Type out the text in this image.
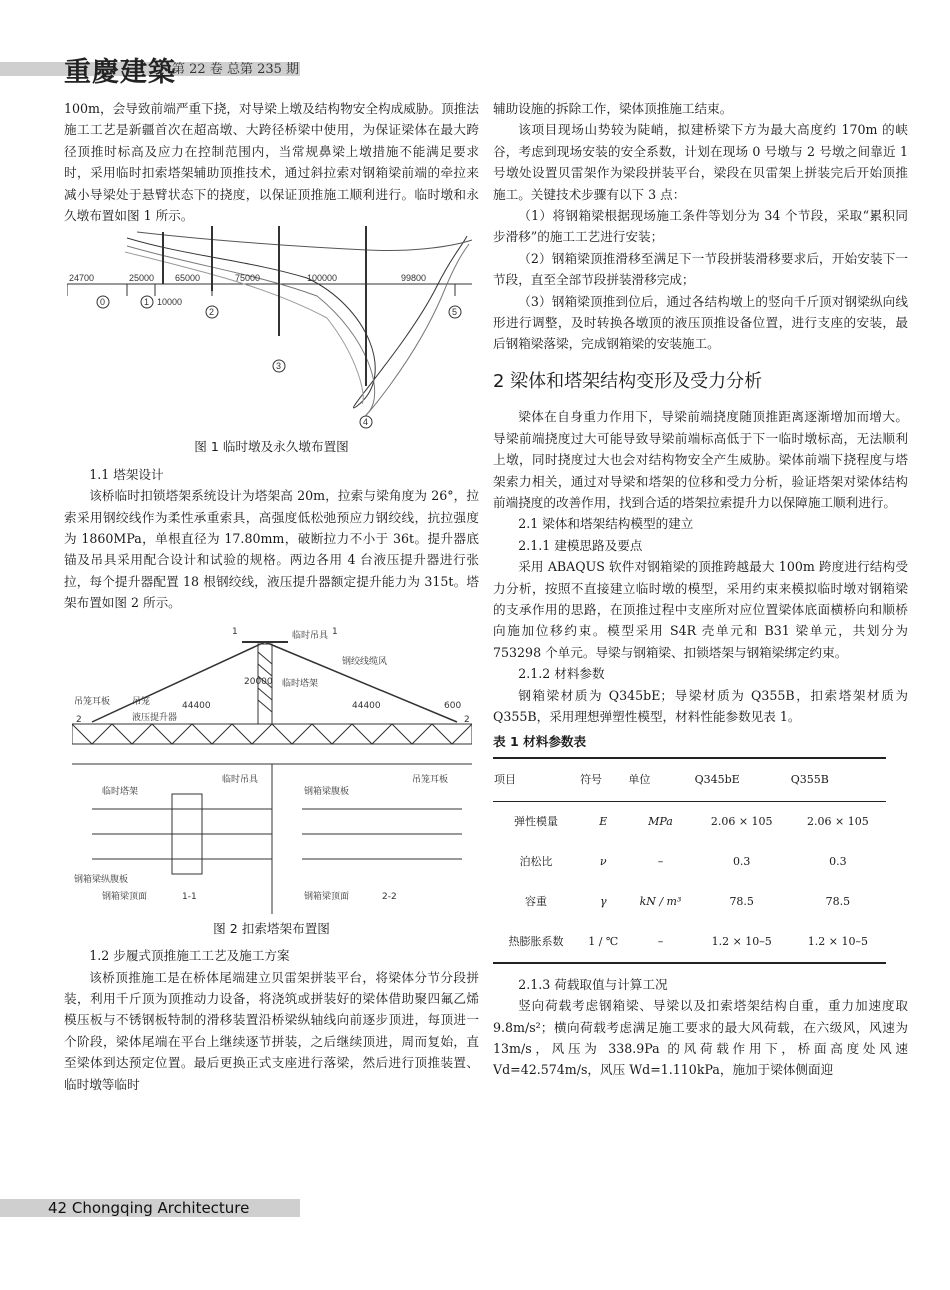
重慶建築
第 22 卷 总第 235 期

100m，会导致前端严重下挠，对导梁上墩及结构物安全构成威胁。顶推法施工工艺是新疆首次在超高墩、大跨径桥梁中使用，为保证梁体在最大跨径顶推时标高及应力在控制范围内，当常规鼻梁上墩措施不能满足要求时，采用临时扣索塔架辅助顶推技术，通过斜拉索对钢箱梁前端的牵拉来减小导梁处于悬臂状态下的挠度，以保证顶推施工顺利进行。临时墩和永久墩布置如图 1 所示。

24700	25000 65000	75000	100000	99800
10000
0	1
2
3
4
5
图 1 临时墩及永久墩布置图

1.1 塔架设计

该桥临时扣锁塔架系统设计为塔架高 20m，拉索与梁角度为 26°，拉索采用钢绞线作为柔性承重索具，高强度低松弛预应力钢绞线，抗拉强度为 1860MPa，单根直径为 17.80mm，破断拉力不小于 36t。提升器底锚及吊具采用配合设计和试验的规格。两边各用 4 台液压提升器进行张拉，每个提升器配置 18 根钢绞线，液压提升器额定提升能力为 315t。塔架布置如图 2 所示。

临时吊具
钢绞线缆风
临时塔架
吊笼
吊笼耳板
液压提升器
44400	44400
20000
600
1	1
2	2
临时吊具
临时塔架	钢箱梁腹板
吊笼耳板
钢箱梁纵腹板
钢箱梁顶面	钢箱梁顶面
1-1	2-2
图 2 扣索塔架布置图

1.2 步履式顶推施工工艺及施工方案

该桥顶推施工是在桥体尾端建立贝雷架拼装平台，将梁体分节分段拼装，利用千斤顶为顶推动力设备，将浇筑或拼装好的梁体借助聚四氟乙烯模压板与不锈钢板特制的滑移装置沿桥梁纵轴线向前逐步顶进，每顶进一个阶段，梁体尾端在平台上继续逐节拼装，之后继续顶进，周而复始，直至梁体到达预定位置。最后更换正式支座进行落梁，然后进行顶推装置、临时墩等临时

辅助设施的拆除工作，梁体顶推施工结束。

该项目现场山势较为陡峭，拟建桥梁下方为最大高度约 170m 的峡谷，考虑到现场安装的安全系数，计划在现场 0 号墩与 2 号墩之间靠近 1 号墩处设置贝雷架作为梁段拼装平台，梁段在贝雷架上拼装完后开始顶推施工。关键技术步骤有以下 3 点：

（1）将钢箱梁根据现场施工条件等划分为 34 个节段，采取“累积同步滑移”的施工工艺进行安装；

（2）钢箱梁顶推滑移至满足下一节段拼装滑移要求后，开始安装下一节段，直至全部节段拼装滑移完成；

（3）钢箱梁顶推到位后，通过各结构墩上的竖向千斤顶对钢梁纵向线形进行调整，及时转换各墩顶的液压顶推设备位置，进行支座的安装，最后钢箱梁落梁，完成钢箱梁的安装施工。

2 梁体和塔架结构变形及受力分析

梁体在自身重力作用下，导梁前端挠度随顶推距离逐渐增加而增大。导梁前端挠度过大可能导致导梁前端标高低于下一临时墩标高，无法顺利上墩，同时挠度过大也会对结构物安全产生威胁。梁体前端下挠程度与塔架索力相关，通过对导梁和塔架的位移和受力分析，验证塔架对梁体结构前端挠度的改善作用，找到合适的塔架拉索提升力以保障施工顺利进行。

2.1 梁体和塔架结构模型的建立

2.1.1 建模思路及要点

采用 ABAQUS 软件对钢箱梁的顶推跨越最大 100m 跨度进行结构受力分析，按照不直接建立临时墩的模型，采用约束来模拟临时墩对钢箱梁的支承作用的思路，在顶推过程中支座所对应位置梁体底面横桥向和顺桥向施加位移约束。模型采用 S4R 壳单元和 B31 梁单元，共划分为 753298 个单元。导梁与钢箱梁、扣锁塔架与钢箱梁绑定约束。

2.1.2 材料参数

钢箱梁材质为 Q345bE；导梁材质为 Q355B，扣索塔架材质为 Q355B，采用理想弹塑性模型，材料性能参数见表 1。

表 1 材料参数表
项目	符号	单位	Q345bE	Q355B
弹性模量	E	MPa	2.06 × 105	2.06 × 105
泊松比	ν	–	0.3	0.3
容重	γ	kN / m³	78.5	78.5
热膨胀系数	1 / ℃	–	1.2 × 10–5	1.2 × 10–5

2.1.3 荷载取值与计算工况

竖向荷载考虑钢箱梁、导梁以及扣索塔架结构自重，重力加速度取 9.8m/s²；横向荷载考虑满足施工要求的最大风荷载，在六级风，风速为 13m/s，风压为 338.9Pa 的风荷载作用下，桥面高度处风速 Vd=42.574m/s，风压 Wd=1.110kPa，施加于梁体侧面迎

42 Chongqing Architecture
